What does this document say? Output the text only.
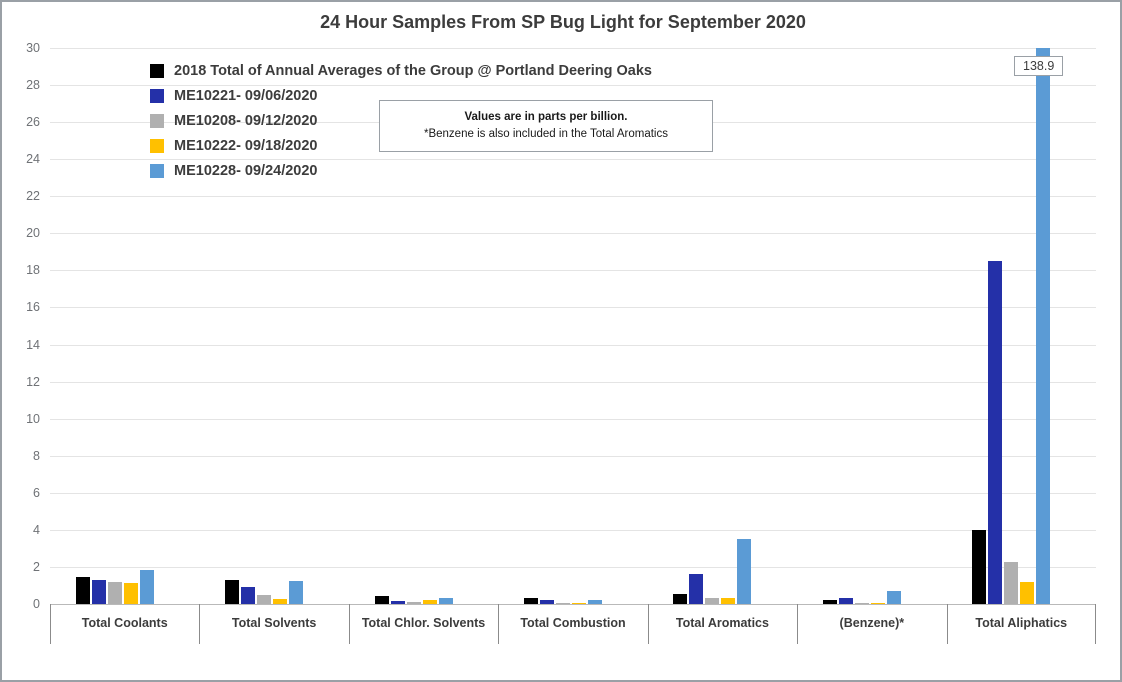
24 Hour Samples From SP Bug Light for September 2020
0
2
4
6
8
10
12
14
16
18
20
22
24
26
28
30
Total Coolants	Total Solvents	Total Chlor. Solvents	Total Combustion	Total Aromatics	(Benzene)*	Total Aliphatics
2018 Total of Annual Averages of the Group @ Portland Deering Oaks
ME10221- 09/06/2020
ME10208- 09/12/2020
ME10222- 09/18/2020
ME10228- 09/24/2020
Values are in parts per billion.
*Benzene is also included in the Total Aromatics
138.9
